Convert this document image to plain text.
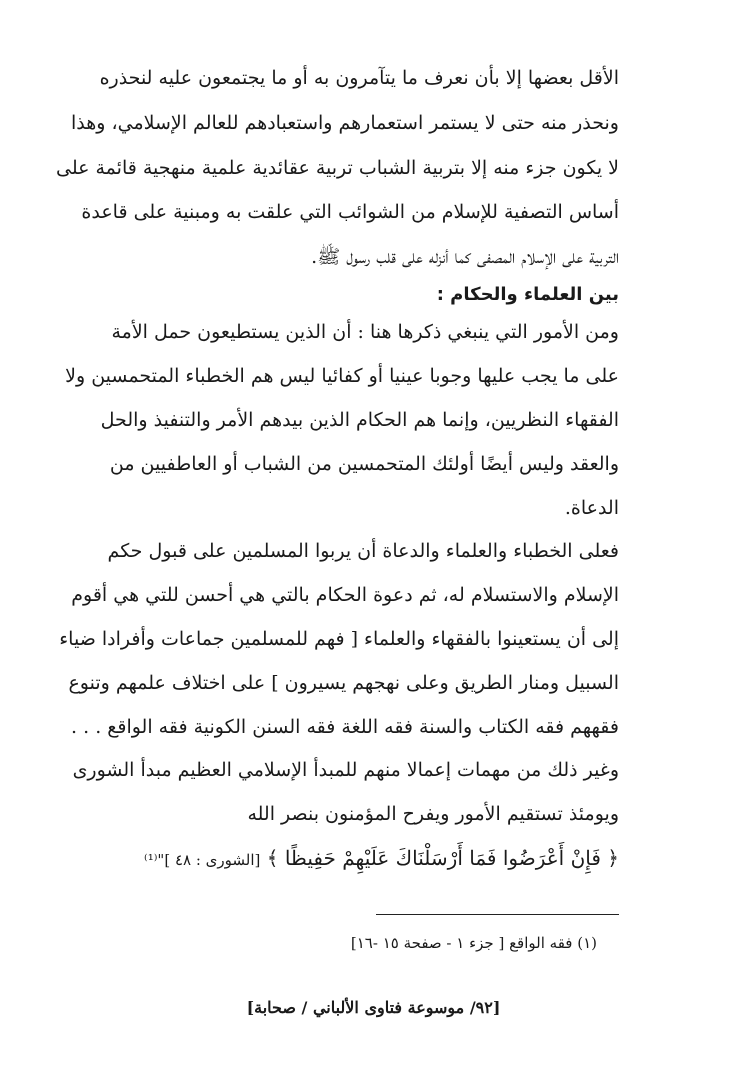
الأقل بعضها إلا بأن نعرف ما يتآمرون به أو ما يجتمعون عليه لنحذره
ونحذر منه حتى لا يستمر استعمارهم واستعبادهم للعالم الإسلامي، وهذا
لا يكون جزء منه إلا بتربية الشباب تربية عقائدية علمية منهجية قائمة على
أساس التصفية للإسلام من الشوائب التي علقت به ومبنية على قاعدة
التربية على الإسلام المصفى كما أنزله على قلب رسول ﷺ.
بين العلماء والحكام :
ومن الأمور التي ينبغي ذكرها هنا : أن الذين يستطيعون حمل الأمة
على ما يجب عليها وجوبا عينيا أو كفائيا ليس هم الخطباء المتحمسين ولا
الفقهاء النظريين، وإنما هم الحكام الذين بيدهم الأمر والتنفيذ والحل
والعقد وليس أيضًا أولئك المتحمسين من الشباب أو العاطفيين من
الدعاة.
فعلى الخطباء والعلماء والدعاة أن يربوا المسلمين على قبول حكم
الإسلام والاستسلام له، ثم دعوة الحكام بالتي هي أحسن للتي هي أقوم
إلى أن يستعينوا بالفقهاء والعلماء [ فهم للمسلمين جماعات وأفرادا ضياء
السبيل ومنار الطريق وعلى نهجهم يسيرون ] على اختلاف علمهم وتنوع
فقههم فقه الكتاب والسنة فقه اللغة فقه السنن الكونية فقه الواقع . . .
وغير ذلك من مهمات إعمالا منهم للمبدأ الإسلامي العظيم مبدأ الشورى
ويومئذ تستقيم الأمور ويفرح المؤمنون بنصر الله
﴿ فَإِنْ أَعْرَضُوا فَمَا أَرْسَلْنَاكَ عَلَيْهِمْ حَفِيظًا ﴾ [الشورى : ٤٨ ]"⁽¹⁾
(١) فقه الواقع [ جزء ١ - صفحة ١٥ -١٦]
[٩٢/ موسوعة فتاوى الألباني / صحابة]
